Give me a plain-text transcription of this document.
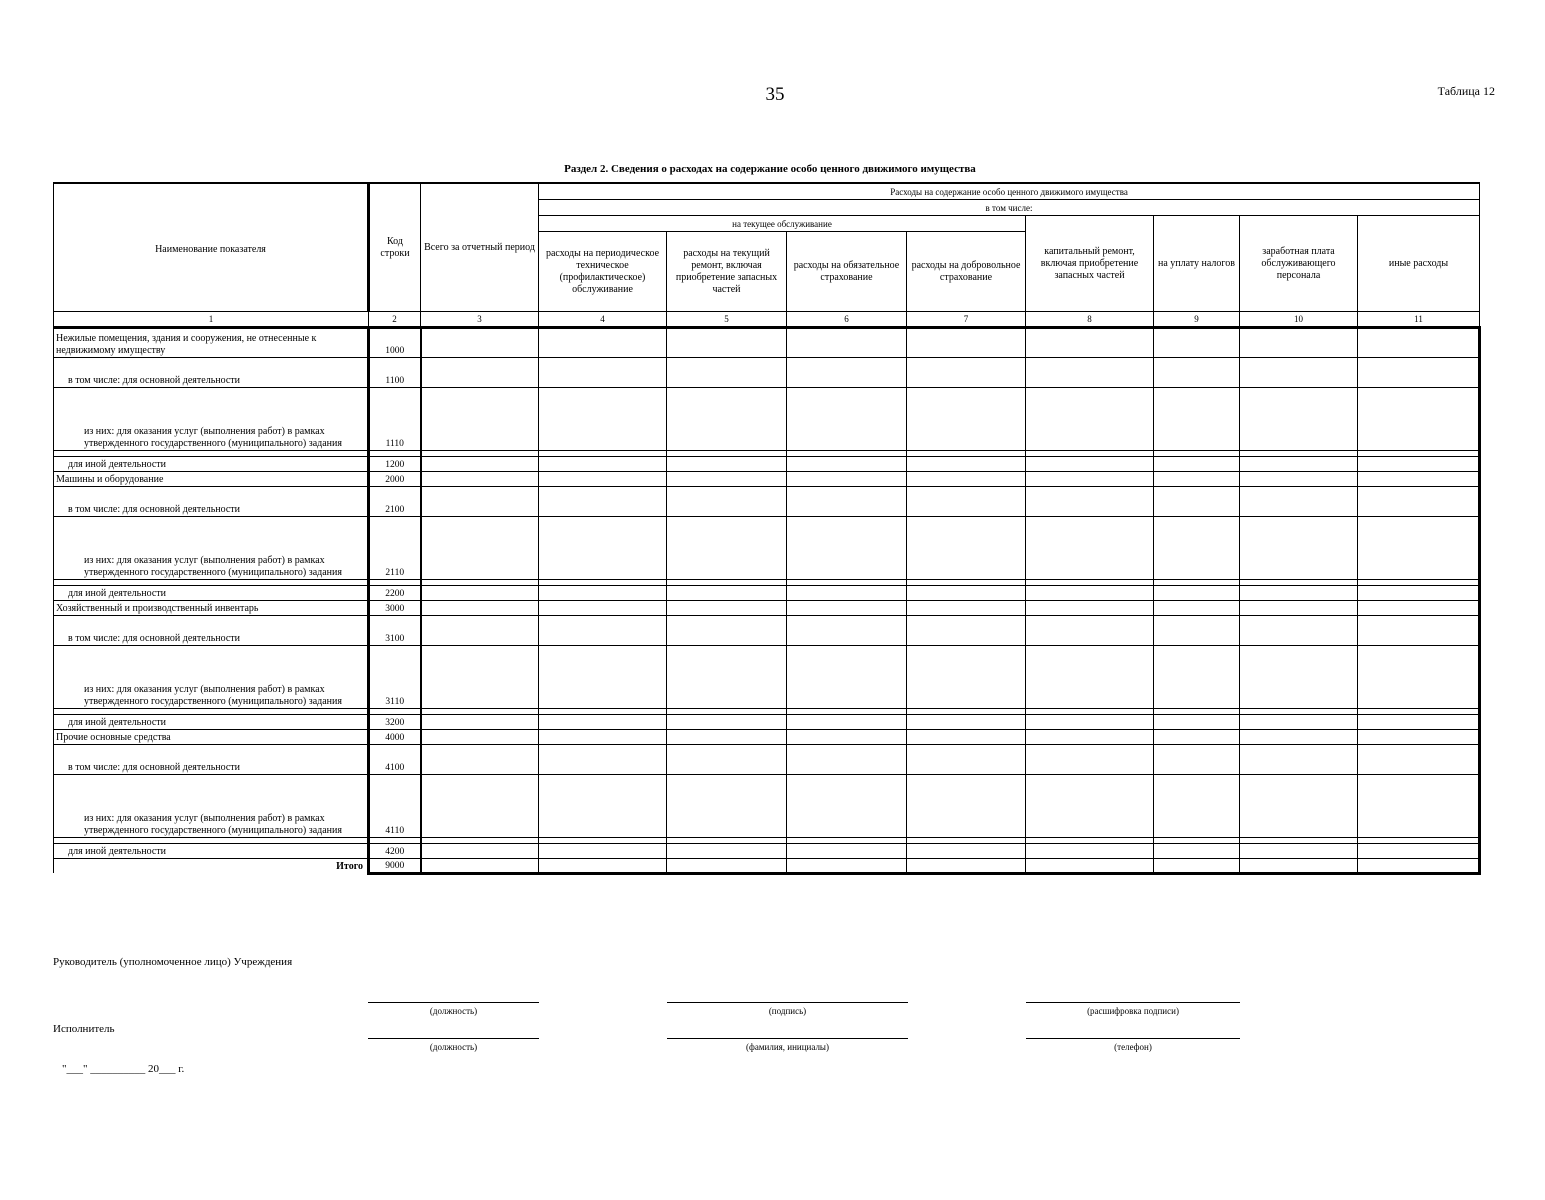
35	Таблица 12
Раздел 2. Сведения о расходах на содержание особо ценного движимого имущества
Наименование показателя	Код строки	Всего за отчетный период	Расходы на содержание особо ценного движимого имущества							
			в том числе:							
			на текущее обслуживание				капитальный ремонт, включая приобретение запасных частей	на уплату налогов	заработная плата обслуживающего персонала	иные расходы
			расходы на периодическое техническое (профилактическое) обслуживание	расходы на текущий ремонт, включая приобретение запасных частей	расходы на обязательное страхование	расходы на добровольное страхование				
1	2	3	4	5	6	7	8	9	10	11
Нежилые помещения, здания и сооружения, не отнесенные к недвижимому имуществу	1000									
в том числе: для основной деятельности	1100									
из них: для оказания услуг (выполнения работ) в рамках утвержденного государственного (муниципального) задания	1110									

для иной деятельности	1200									
Машины и оборудование	2000									
в том числе: для основной деятельности	2100									
из них: для оказания услуг (выполнения работ) в рамках утвержденного государственного (муниципального) задания	2110									

для иной деятельности	2200									
Хозяйственный и производственный инвентарь	3000									
в том числе: для основной деятельности	3100									
из них: для оказания услуг (выполнения работ) в рамках утвержденного государственного (муниципального) задания	3110									

для иной деятельности	3200									
Прочие основные средства	4000									
в том числе: для основной деятельности	4100									
из них: для оказания услуг (выполнения работ) в рамках утвержденного государственного (муниципального) задания	4110									

для иной деятельности	4200									
Итого	9000									
Руководитель (уполномоченное лицо) Учреждения
Исполнитель
(должность)	(подпись)	(расшифровка подписи)
(должность)	(фамилия, инициалы)	(телефон)
"___" __________ 20___ г.
